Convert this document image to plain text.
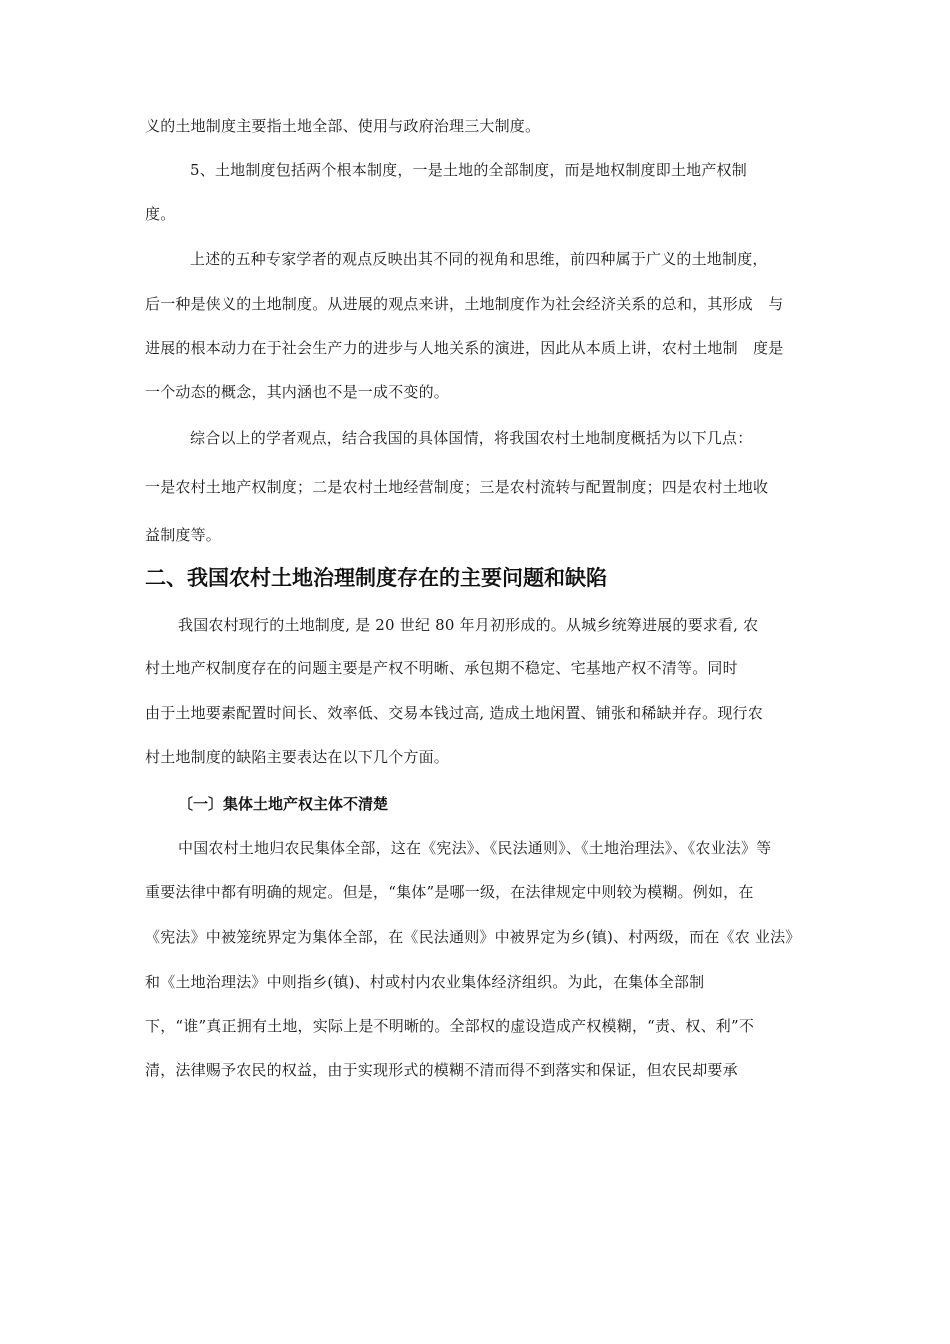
义的土地制度主要指土地全部、使用与政府治理三大制度。
5、土地制度包括两个根本制度，一是土地的全部制度，而是地权制度即土地产权制
度。
上述的五种专家学者的观点反映出其不同的视角和思维，前四种属于广义的土地制度，
后一种是侠义的土地制度。从进展的观点来讲，土地制度作为社会经济关系的总和，其形成　与
进展的根本动力在于社会生产力的进步与人地关系的演进，因此从本质上讲，农村土地制　度是
一个动态的概念，其内涵也不是一成不变的。
综合以上的学者观点，结合我国的具体国情，将我国农村土地制度概括为以下几点：
一是农村土地产权制度；二是农村土地经营制度；三是农村流转与配置制度；四是农村土地收
益制度等。
二、我国农村土地治理制度存在的主要问题和缺陷
我国农村现行的土地制度, 是 20 世纪 80 年月初形成的。从城乡统筹进展的要求看, 农
村土地产权制度存在的问题主要是产权不明晰、承包期不稳定、宅基地产权不清等。同时
由于土地要素配置时间长、效率低、交易本钱过高, 造成土地闲置、铺张和稀缺并存。现行农
村土地制度的缺陷主要表达在以下几个方面。
〔一〕集体土地产权主体不清楚
中国农村土地归农民集体全部，这在《宪法》、《民法通则》、《土地治理法》、《农业法》等
重要法律中都有明确的规定。但是，“集体”是哪一级，在法律规定中则较为模糊。例如，在
《宪法》中被笼统界定为集体全部，在《民法通则》中被界定为乡(镇)、村两级，而在《农 业法》
和《土地治理法》中则指乡(镇)、村或村内农业集体经济组织。为此，在集体全部制
下，“谁”真正拥有土地，实际上是不明晰的。全部权的虚设造成产权模糊，“责、权、利”不
清，法律赐予农民的权益，由于实现形式的模糊不清而得不到落实和保证，但农民却要承
